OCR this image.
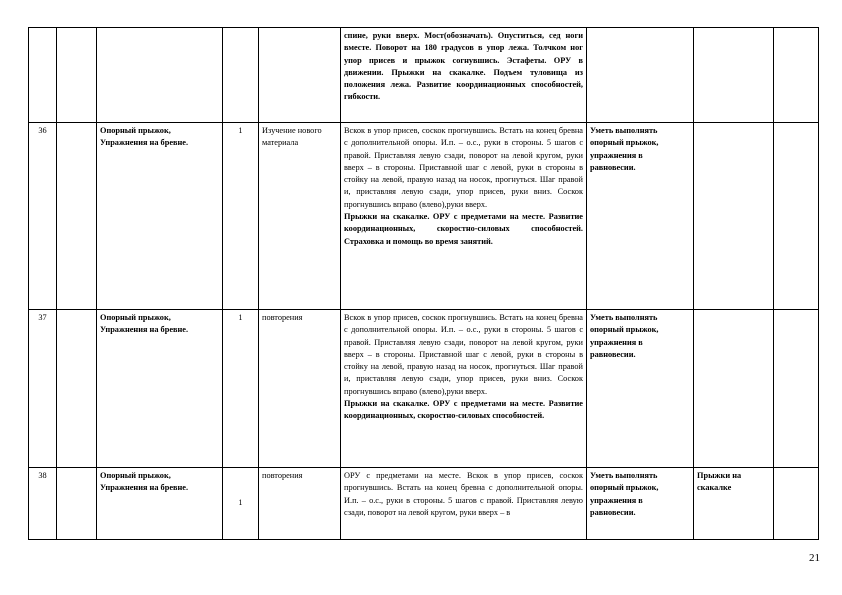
					спине, руки вверх. Мост(обозначать). Опуститься, сед ноги вместе. Поворот на 180 градусов в упор лежа. Толчком ног упор присев и прыжок согнувшись. Эстафеты. ОРУ в движении. Прыжки на скакалке. Подъем туловища из положения лежа. Развитие координационных способностей, гибкости.			
36		Опорный прыжок, Упражнения на бревне.	1	Изучение нового материала	Вскок в упор присев, соскок прогнувшись. Встать на конец бревна с дополнительной опоры. И.п. – о.с., руки в стороны. 5 шагов с правой. Приставляя левую сзади, поворот на левой кругом, руки вверх – в стороны. Приставной шаг с левой, руки в стороны в стойку на левой, правую назад на носок, прогнуться. Шаг правой и, приставляя левую сзади, упор присев, руки вниз. Соскок прогнувшись вправо (влево),руки вверх.
Прыжки на скакалке. ОРУ с предметами на месте. Развитие координационных, скоростно-силовых способностей. Страховка и помощь во время занятий.	Уметь выполнять опорный прыжок, упражнения в равновесии.		
37		Опорный прыжок, Упражнения на бревне.	1	повторения	Вскок в упор присев, соскок прогнувшись. Встать на конец бревна с дополнительной опоры. И.п. – о.с., руки в стороны. 5 шагов с правой. Приставляя левую сзади, поворот на левой кругом, руки вверх – в стороны. Приставной шаг с левой, руки в стороны в стойку на левой, правую назад на носок, прогнуться. Шаг правой и, приставляя левую сзади, упор присев, руки вниз. Соскок прогнувшись вправо (влево),руки вверх.
Прыжки на скакалке. ОРУ с предметами на месте. Развитие координационных, скоростно-силовых способностей.	Уметь выполнять опорный прыжок, упражнения в равновесии.		
38		Опорный прыжок, Упражнения на бревне.	1	повторения	ОРУ с предметами на месте. Вскок в упор присев, соскок прогнувшись. Встать на конец бревна с дополнительной опоры. И.п. – о.с., руки в стороны. 5 шагов с правой. Приставляя левую сзади, поворот на левой кругом, руки вверх – в	Уметь выполнять опорный прыжок, упражнения в равновесии.	Прыжки на скакалке	
21
